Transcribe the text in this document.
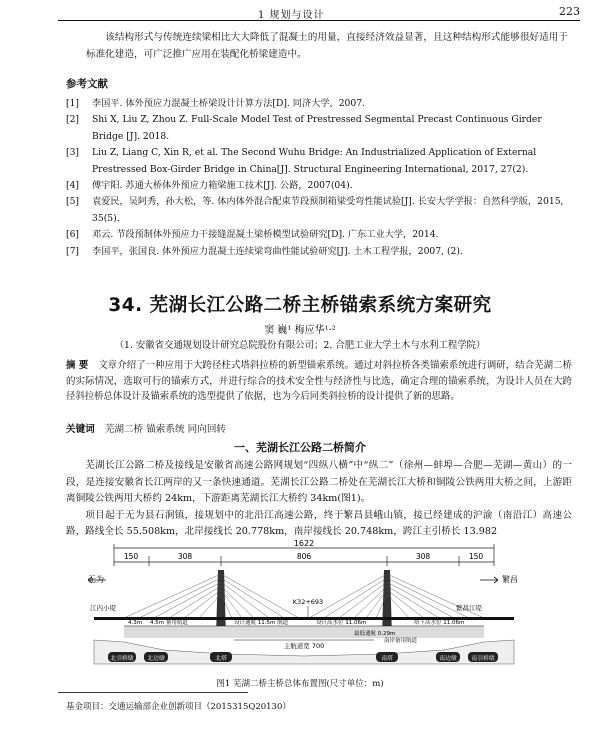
1 规划与设计	223
该结构形式与传统连续梁相比大大降低了混凝土的用量，直接经济效益显著，且这种结构形式能够很好适用于标准化建造，可广泛推广应用在装配化桥梁建造中。
参考文献
[1] 李国平. 体外预应力混凝土桥梁设计计算方法[D]. 同济大学，2007.
[2] Shi X, Liu Z, Zhou Z. Full-Scale Model Test of Prestressed Segmental Precast Continuous Girder Bridge [J]. 2018.
[3] Liu Z, Liang C, Xin R, et al. The Second Wuhu Bridge: An Industrialized Application of External Prestressed Box-Girder Bridge in China[J]. Structural Engineering International, 2017, 27(2).
[4] 傅宇阳. 苏通大桥体外预应力箱梁施工技术[J]. 公路，2007(04).
[5] 袁爱民，吴阿秀，孙大松，等. 体内体外混合配束节段预制箱梁受弯性能试验[J]. 长安大学学报：自然科学版，2015, 35(5).
[6] 邓云. 节段预制体外预应力干接缝混凝土梁桥模型试验研究[D]. 广东工业大学，2014.
[7] 李国平，张国良. 体外预应力混凝土连续梁弯曲性能试验研究[J]. 土木工程学报，2007, (2).
34. 芜湖长江公路二桥主桥锚索系统方案研究
窦 巍¹ 梅应华¹·²
（1. 安徽省交通规划设计研究总院股份有限公司；2. 合肥工业大学土木与水利工程学院）
摘 要 文章介绍了一种应用于大跨径柱式塔斜拉桥的新型锚索系统。通过对斜拉桥各类锚索系统进行调研，结合芜湖二桥的实际情况，选取可行的锚索方式，并进行综合的技术安全性与经济性与比选，确定合理的锚索系统，为设计人员在大跨径斜拉桥总体设计及锚索系统的选型提供了依据，也为今后同类斜拉桥的设计提供了新的思路。
关键词 芜湖二桥 锚索系统 同向回转
一、芜湖长江公路二桥简介
芜湖长江公路二桥及接线是安徽省高速公路网规划“四纵八横”中“纵二”（徐州—蚌埠—合肥—芜湖—黄山）的一段，是连接安徽省长江两岸的又一条快速通道。芜湖长江公路二桥处在芜湖长江大桥和铜陵公铁两用大桥之间，上游距离铜陵公铁两用大桥约 24km，下游距离芜湖长江大桥约 34km(图1)。
项目起于无为县石涧镇，接规划中的北沿江高速公路，终于繁昌县峨山镇，接已经建成的沪渝（南沿江）高速公路，路线全长 55.508km，北岸接线长 20.778km，南岸接线长 20.748km，跨江主引桥长 13.982
1622
150	308	806	308	150
无为	繁昌
K32+693
江内小堤	繁昌江堤
4.3m 4.5m 备用航道	设计通航 11.5m 航道	设计高水位 11.06m	塔下高水位 11.06m
最低通航 0.29m
南岸备用航道
主航道宽 700
北引桥墩 北边墩	北塔	南塔	南边墩	南引桥墩
图1 芜湖二桥主桥总体布置图(尺寸单位：m)
基金项目：交通运输部企业创新项目（2015315Q20130）
